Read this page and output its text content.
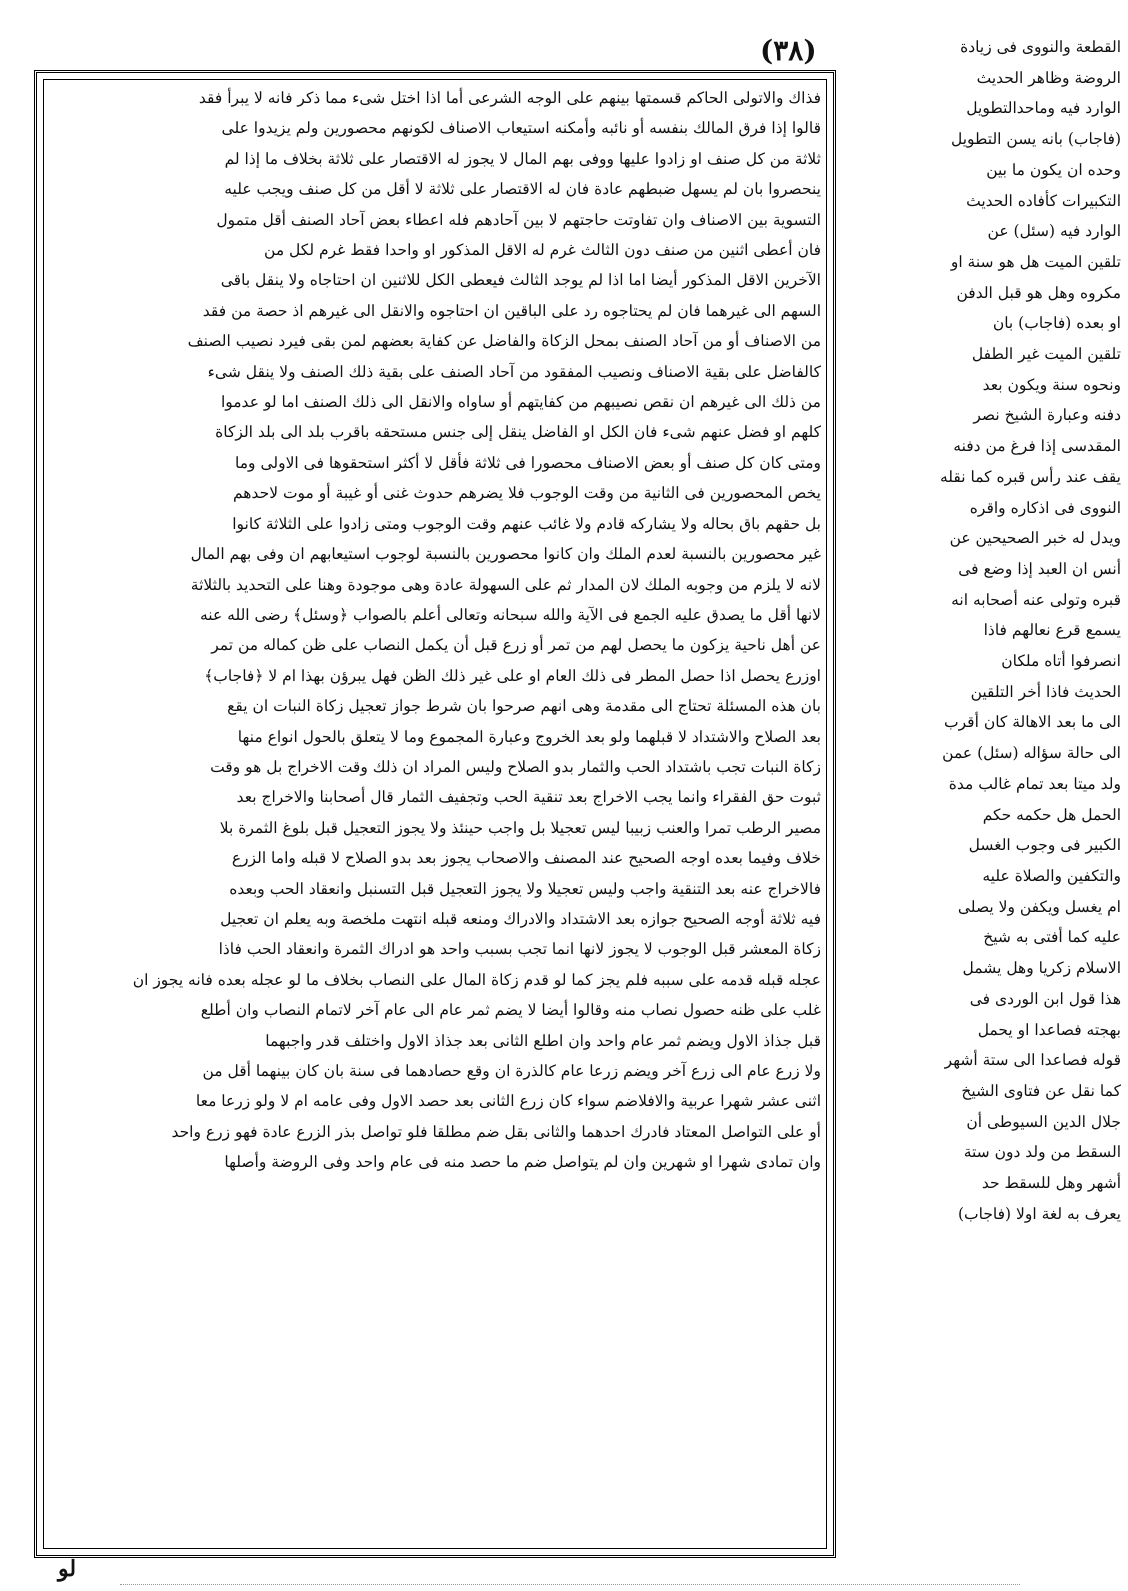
(٣٨)	القطعة والنووى فى زيادة
الروضة وظاهر الحديث
الوارد فيه وماحدالتطويل
(فاجاب) بانه يسن التطويل
وحده ان يكون ما بين
التكبيرات كأفاده الحديث
الوارد فيه (سئل) عن
تلقين الميت هل هو سنة او
مكروه وهل هو قبل الدفن
او بعده (فاجاب) بان
تلقين الميت غير الطفل
ونحوه سنة ويكون بعد
دفنه وعبارة الشيخ نصر
المقدسى إذا فرغ من دفنه
يقف عند رأس قبره كما نقله
النووى فى اذكاره واقره
ويدل له خبر الصحيحين عن
أنس ان العبد إذا وضع فى
قبره وتولى عنه أصحابه انه
يسمع قرع نعالهم فاذا
انصرفوا أتاه ملكان
الحديث فاذا أخر التلقين
الى ما بعد الاهالة كان أقرب
الى حالة سؤاله (سئل) عمن
ولد ميتا بعد تمام غالب مدة
الحمل هل حكمه حكم
الكبير فى وجوب الغسل
والتكفين والصلاة عليه
ام يغسل ويكفن ولا يصلى
عليه كما أفتى به شيخ
الاسلام زكريا وهل يشمل
هذا قول ابن الوردى فى
بهجته فصاعدا او يحمل
قوله فصاعدا الى ستة أشهر
كما نقل عن فتاوى الشيخ
جلال الدين السيوطى أن
السقط من ولد دون ستة
أشهر وهل للسقط حد
يعرف به لغة اولا (فاجاب)
فذاك والاتولى الحاكم قسمتها بينهم على الوجه الشرعى أما اذا اختل شىء مما ذكر فانه لا يبرأ فقد
قالوا إذا فرق المالك بنفسه أو نائبه وأمكنه استيعاب الاصناف لكونهم محصورين ولم يزيدوا على
ثلاثة من كل صنف او زادوا عليها ووفى بهم المال لا يجوز له الاقتصار على ثلاثة بخلاف ما إذا لم
ينحصروا بان لم يسهل ضبطهم عادة فان له الاقتصار على ثلاثة لا أقل من كل صنف ويجب عليه
التسوية بين الاصناف وان تفاوتت حاجتهم لا بين آحادهم فله اعطاء بعض آحاد الصنف أقل متمول
فان أعطى اثنين من صنف دون الثالث غرم له الاقل المذكور او واحدا فقط غرم لكل من
الآخرين الاقل المذكور أيضا اما اذا لم يوجد الثالث فيعطى الكل للاثنين ان احتاجاه ولا ينقل باقى
السهم الى غيرهما فان لم يحتاجوه رد على الباقين ان احتاجوه والانقل الى غيرهم اذ حصة من فقد
من الاصناف أو من آحاد الصنف بمحل الزكاة والفاضل عن كفاية بعضهم لمن بقى فيرد نصيب الصنف
كالفاضل على بقية الاصناف ونصيب المفقود من آحاد الصنف على بقية ذلك الصنف ولا ينقل شىء
من ذلك الى غيرهم ان نقص نصيبهم من كفايتهم أو ساواه والانقل الى ذلك الصنف اما لو عدموا
كلهم او فضل عنهم شىء فان الكل او الفاضل ينقل إلى جنس مستحقه باقرب بلد الى بلد الزكاة
ومتى كان كل صنف أو بعض الاصناف محصورا فى ثلاثة فأقل لا أكثر استحقوها فى الاولى وما
يخص المحصورين فى الثانية من وقت الوجوب فلا يضرهم حدوث غنى أو غيبة أو موت لاحدهم
بل حقهم باق بحاله ولا يشاركه قادم ولا غائب عنهم وقت الوجوب ومتى زادوا على الثلاثة كانوا
غير محصورين بالنسبة لعدم الملك وان كانوا محصورين بالنسبة لوجوب استيعابهم ان وفى بهم المال
لانه لا يلزم من وجوبه الملك لان المدار ثم على السهولة عادة وهى موجودة وهنا على التحديد بالثلاثة
لانها أقل ما يصدق عليه الجمع فى الآية والله سبحانه وتعالى أعلم بالصواب ﴿وسئل﴾ رضى الله عنه
عن أهل ناحية يزكون ما يحصل لهم من تمر أو زرع قبل أن يكمل النصاب على ظن كماله من تمر
اوزرع يحصل اذا حصل المطر فى ذلك العام او على غير ذلك الظن فهل يبرؤن بهذا ام لا ﴿فاجاب﴾
بان هذه المسئلة تحتاج الى مقدمة وهى انهم صرحوا بان شرط جواز تعجيل زكاة النبات ان يقع
بعد الصلاح والاشتداد لا قبلهما ولو بعد الخروج وعبارة المجموع وما لا يتعلق بالحول انواع منها
زكاة النبات تجب باشتداد الحب والثمار بدو الصلاح وليس المراد ان ذلك وقت الاخراج بل هو وقت
ثبوت حق الفقراء وانما يجب الاخراج بعد تنقية الحب وتجفيف الثمار قال أصحابنا والاخراج بعد
مصير الرطب تمرا والعنب زبيبا ليس تعجيلا بل واجب حينئذ ولا يجوز التعجيل قبل بلوغ الثمرة بلا
خلاف وفيما بعده اوجه الصحيح عند المصنف والاصحاب يجوز بعد بدو الصلاح لا قبله واما الزرع
فالاخراج عنه بعد التنقية واجب وليس تعجيلا ولا يجوز التعجيل قبل التسنبل وانعقاد الحب وبعده
فيه ثلاثة أوجه الصحيح جوازه بعد الاشتداد والادراك ومنعه قبله انتهت ملخصة وبه يعلم ان تعجيل
زكاة المعشر قبل الوجوب لا يجوز لانها انما تجب بسبب واحد هو ادراك الثمرة وانعقاد الحب فاذا
عجله قبله قدمه على سببه فلم يجز كما لو قدم زكاة المال على النصاب بخلاف ما لو عجله بعده فانه يجوز ان
غلب على ظنه حصول نصاب منه وقالوا أيضا لا يضم ثمر عام الى عام آخر لاتمام النصاب وان أطلع
قبل جذاذ الاول ويضم ثمر عام واحد وان اطلع الثانى بعد جذاذ الاول واختلف قدر واجبهما
ولا زرع عام الى زرع آخر ويضم زرعا عام كالذرة ان وقع حصادهما فى سنة بان كان بينهما أقل من
اثنى عشر شهرا عربية والافلاضم سواء كان زرع الثانى بعد حصد الاول وفى عامه ام لا ولو زرعا معا
أو على التواصل المعتاد فادرك احدهما والثانى بقل ضم مطلقا فلو تواصل بذر الزرع عادة فهو زرع واحد
وان تمادى شهرا او شهرين وان لم يتواصل ضم ما حصد منه فى عام واحد وفى الروضة وأصلها
لو
